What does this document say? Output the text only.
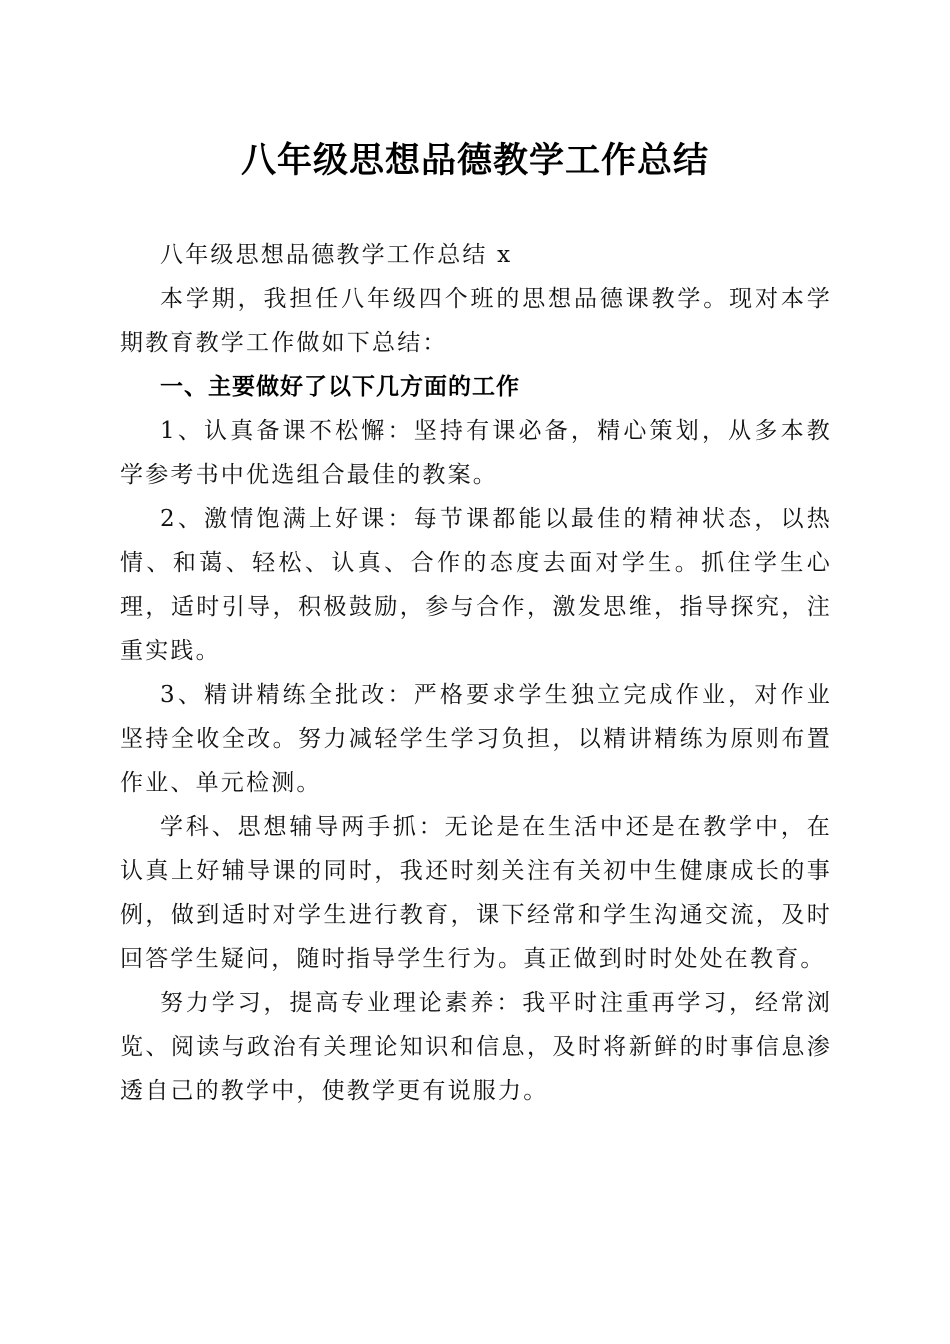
八年级思想品德教学工作总结

八年级思想品德教学工作总结 x

本学期，我担任八年级四个班的思想品德课教学。现对本学期教育教学工作做如下总结：

一、主要做好了以下几方面的工作

1、认真备课不松懈：坚持有课必备，精心策划，从多本教学参考书中优选组合最佳的教案。

2、激情饱满上好课：每节课都能以最佳的精神状态，以热情、和蔼、轻松、认真、合作的态度去面对学生。抓住学生心理，适时引导，积极鼓励，参与合作，激发思维，指导探究，注重实践。

3、精讲精练全批改：严格要求学生独立完成作业，对作业坚持全收全改。努力减轻学生学习负担，以精讲精练为原则布置作业、单元检测。

学科、思想辅导两手抓：无论是在生活中还是在教学中，在认真上好辅导课的同时，我还时刻关注有关初中生健康成长的事例，做到适时对学生进行教育，课下经常和学生沟通交流，及时回答学生疑问，随时指导学生行为。真正做到时时处处在教育。

努力学习，提高专业理论素养：我平时注重再学习，经常浏览、阅读与政治有关理论知识和信息，及时将新鲜的时事信息渗透自己的教学中，使教学更有说服力。
